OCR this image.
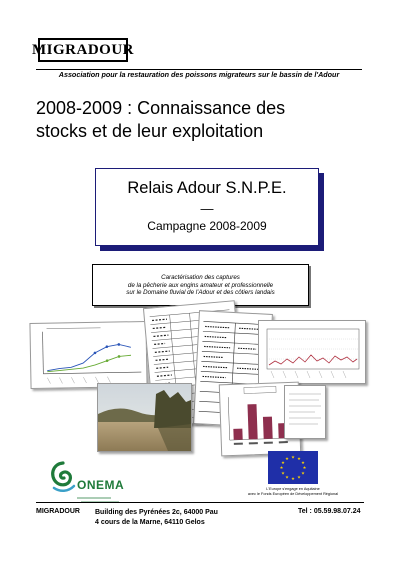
MIGRADOUR
Association pour la restauration des poissons migrateurs sur le bassin de l'Adour
2008-2009 : Connaissance des
stocks et de leur exploitation
Relais Adour S.N.P.E.
—
Campagne 2008-2009
Caractérisation des captures
de la pêcherie aux engins amateur et professionnelle
sur le Domaine fluvial de l'Adour et des côtiers landais
ONEMA
★ ★
★
★
★
★
★
★
★
★
★
★
L'Europe s'engage en Aquitaine
avec le Fonds Européen de Développement Régional
MIGRADOUR Building des Pyrénées 2c, 64000 Pau
4 cours de la Marne, 64110 Gelos
Tel : 05.59.98.07.24
